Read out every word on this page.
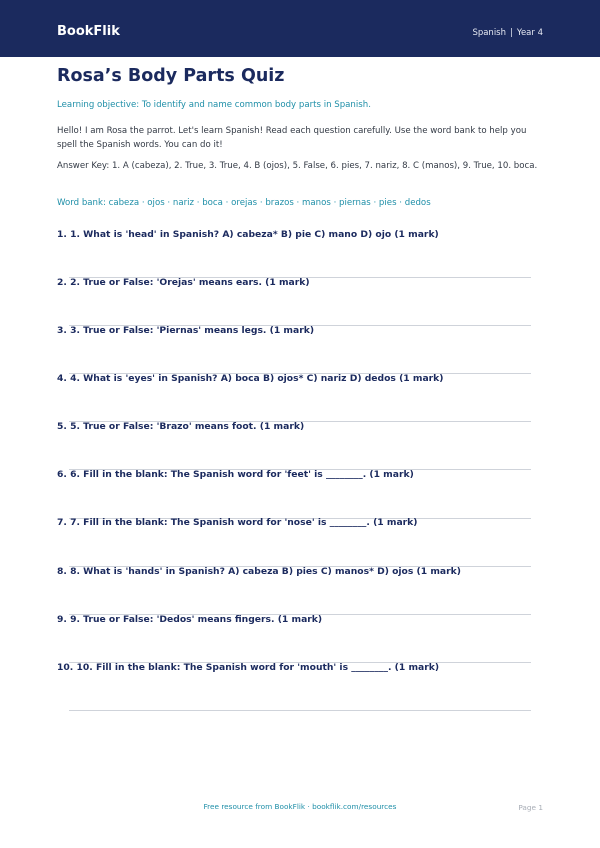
BookFlik	Spanish | Year 4
Rosa’s Body Parts Quiz
Learning objective: To identify and name common body parts in Spanish.
Hello! I am Rosa the parrot. Let's learn Spanish! Read each question carefully. Use the word bank to help you spell the Spanish words. You can do it!
Answer Key: 1. A (cabeza), 2. True, 3. True, 4. B (ojos), 5. False, 6. pies, 7. nariz, 8. C (manos), 9. True, 10. boca.
Word bank: cabeza · ojos · nariz · boca · orejas · brazos · manos · piernas · pies · dedos
1. 1. What is 'head' in Spanish? A) cabeza* B) pie C) mano D) ojo (1 mark)
2. 2. True or False: 'Orejas' means ears. (1 mark)
3. 3. True or False: 'Piernas' means legs. (1 mark)
4. 4. What is 'eyes' in Spanish? A) boca B) ojos* C) nariz D) dedos (1 mark)
5. 5. True or False: 'Brazo' means foot. (1 mark)
6. 6. Fill in the blank: The Spanish word for 'feet' is ________. (1 mark)
7. 7. Fill in the blank: The Spanish word for 'nose' is ________. (1 mark)
8. 8. What is 'hands' in Spanish? A) cabeza B) pies C) manos* D) ojos (1 mark)
9. 9. True or False: 'Dedos' means fingers. (1 mark)
10. 10. Fill in the blank: The Spanish word for 'mouth' is ________. (1 mark)
Free resource from BookFlik · bookflik.com/resources	Page 1
